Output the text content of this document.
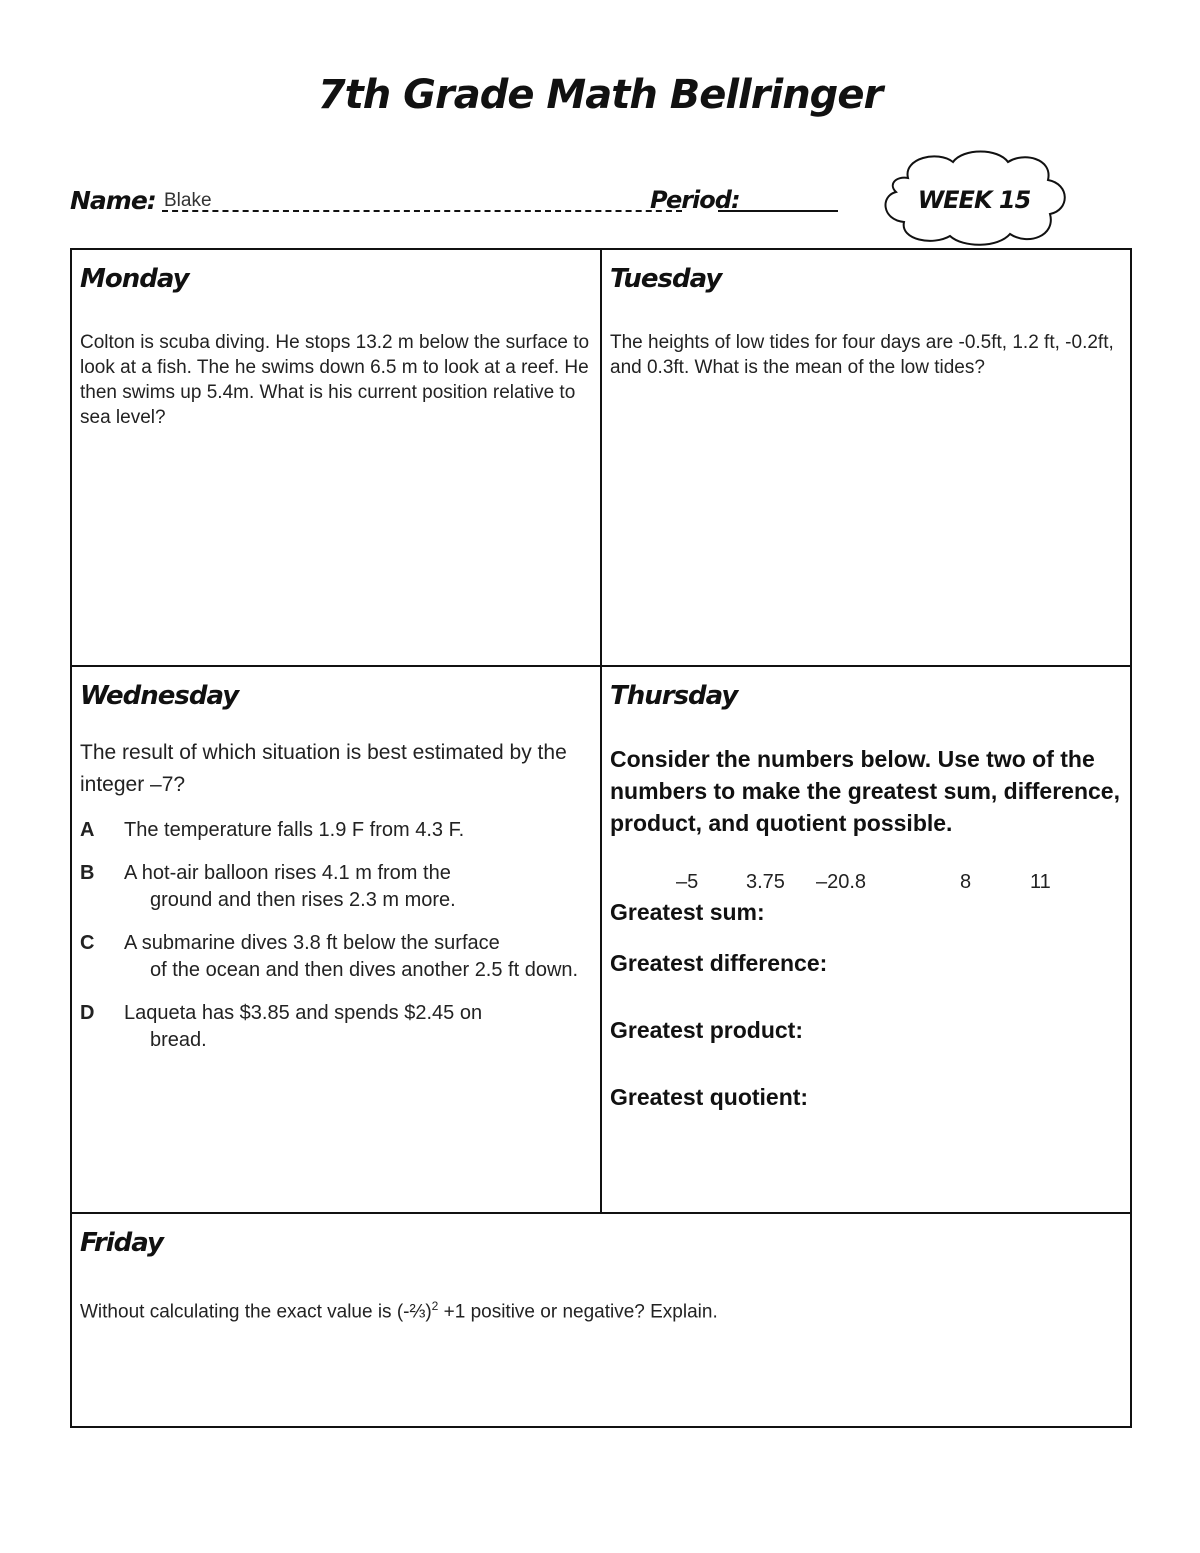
7th Grade Math Bellringer
Name: Blake	Period:	WEEK 15
Monday
Colton is scuba diving. He stops 13.2 m below the surface to look at a fish. The he swims down 6.5 m to look at a reef. He then swims up 5.4m. What is his current position relative to sea level?
Tuesday
The heights of low tides for four days are -0.5ft, 1.2 ft, -0.2ft, and 0.3ft. What is the mean of the low tides?
Wednesday
The result of which situation is best estimated by the integer –7?
A The temperature falls 1.9 F from 4.3 F.
B A hot-air balloon rises 4.1 m from the
ground and then rises 2.3 m more.
C A submarine dives 3.8 ft below the surface
of the ocean and then dives another 2.5 ft down.
D Laqueta has $3.85 and spends $2.45 on
bread.
Thursday
Consider the numbers below. Use two of the numbers to make the greatest sum, difference, product, and quotient possible.
–5 3.75 –20.8	8	11
Greatest sum:
Greatest difference:
Greatest product:
Greatest quotient:
Friday
Without calculating the exact value is (-⅔)$^2$ +1 positive or negative? Explain.
